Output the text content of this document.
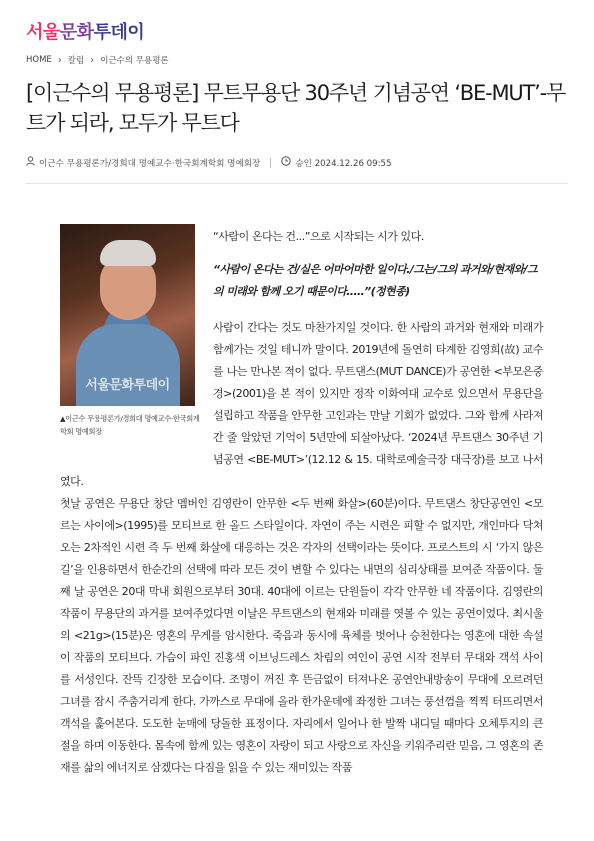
서울문화투데이
HOME › 칼럼 › 이근수의 무용평론
[이근수의 무용평론] 무트무용단 30주년 기념공연 ‘BE-MUT’-무트가 되라, 모두가 무트다
이근수 무용평론가/경희대 명예교수·한국회계학회 명예회장	승인 2024.12.26 09:55
서울문화투데이
▲이근수 무용평론가/경희대 명예교수·한국회계학회 명예회장

“사람이 온다는 건...”으로 시작되는 시가 있다.

“사람이 온다는 건/실은 어마어마한 일이다./그는/그의 과거와/현재와/그의 미래와 함께 오기 때문이다.....”(정현종)

사람이 간다는 것도 마찬가지일 것이다. 한 사람의 과거와 현재와 미래가 함께가는 것일 테니까 말이다. 2019년에 돌연히 타계한 김영희(故) 교수를 나는 만나본 적이 없다. 무트댄스(MUT DANCE)가 공연한 <부모은중경>(2001)을 본 적이 있지만 정작 이화여대 교수로 있으면서 무용단을 설립하고 작품을 안무한 고인과는 만날 기회가 없었다. 그와 함께 사라져간 줄 알았던 기억이 5년만에 되살아났다. ‘2024년 무트댄스 30주년 기념공연 <BE-MUT>’(12.12 & 15. 대학로예술극장 대극장)를 보고 나서였다.

첫날 공연은 무용단 창단 멤버인 김영란이 안무한 <두 번째 화살>(60분)이다. 무트댄스 창단공연인 <모르는 사이에>(1995)를 모티브로 한 올드 스타일이다. 자연이 주는 시련은 피할 수 없지만, 개인마다 닥쳐오는 2차적인 시련 즉 두 번째 화살에 대응하는 것은 각자의 선택이라는 뜻이다. 프로스트의 시 ‘가지 않은 길’을 인용하면서 한순간의 선택에 따라 모든 것이 변할 수 있다는 내면의 심리상태를 보여준 작품이다. 둘째 날 공연은 20대 막내 회원으로부터 30대. 40대에 이르는 단원들이 각각 안무한 네 작품이다. 김영란의 작품이 무용단의 과거를 보여주었다면 이날은 무트댄스의 현재와 미래를 엿볼 수 있는 공연이었다. 최시울의 <21g>(15분)은 영혼의 무게를 암시한다. 죽음과 동시에 육체를 벗어나 승천한다는 영혼에 대한 속설이 작품의 모티브다. 가슴이 파인 진홍색 이브닝드레스 차림의 여인이 공연 시작 전부터 무대와 객석 사이를 서성인다. 잔뜩 긴장한 모습이다. 조명이 꺼진 후 뜬금없이 터져나온 공연안내방송이 무대에 오르려던 그녀를 잠시 주춤거리게 한다. 가까스로 무대에 올라 한가운데에 좌정한 그녀는 풍선껌을 찍찍 터뜨리면서 객석을 훑어본다. 도도한 눈매에 당돌한 표정이다. 자리에서 일어나 한 발짝 내디딜 때마다 오체투지의 큰절을 하며 이동한다. 몸속에 함께 있는 영혼이 자랑이 되고 사랑으로 자신을 키워주리란 믿음, 그 영혼의 존재를 삶의 에너지로 삼겠다는 다짐을 읽을 수 있는 재미있는 작품
